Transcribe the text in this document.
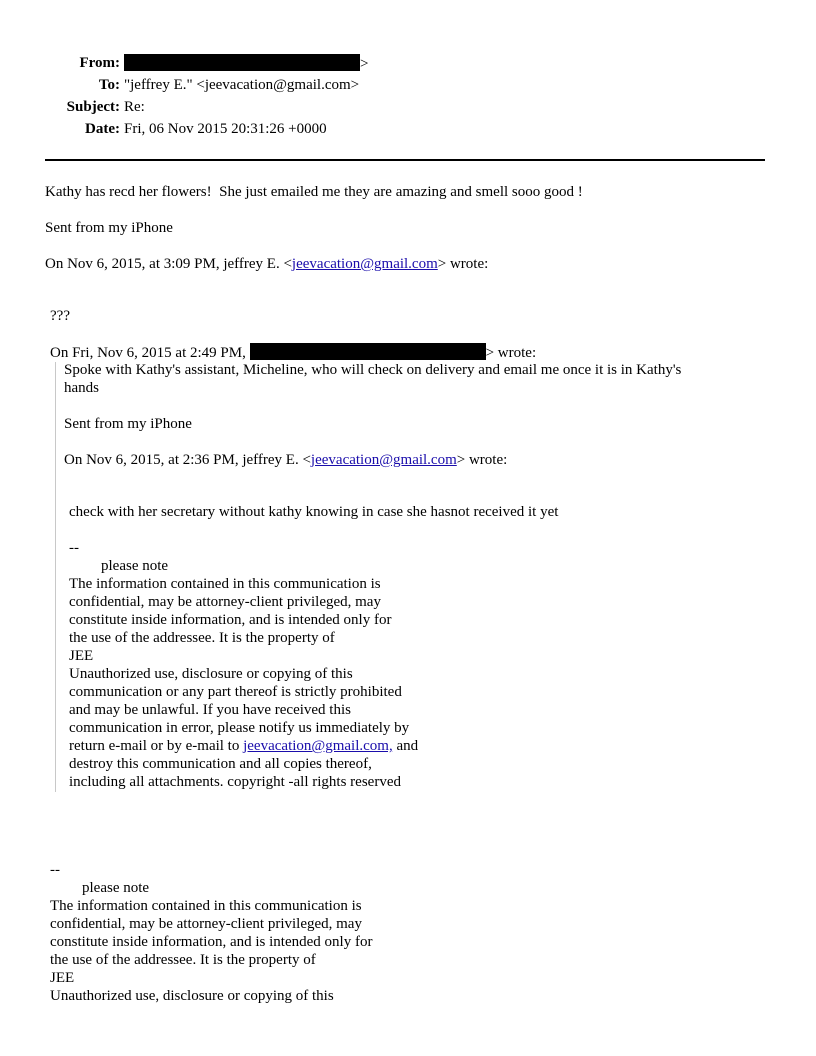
From:	>
To: "jeffrey E." <jeevacation@gmail.com>
Subject: Re:
Date: Fri, 06 Nov 2015 20:31:26 +0000
Kathy has recd her flowers!  She just emailed me they are amazing and smell sooo good !
Sent from my iPhone
On Nov 6, 2015, at 3:09 PM, jeffrey E. <jeevacation@gmail.com> wrote:
???
On Fri, Nov 6, 2015 at 2:49 PM,	> wrote:
Spoke with Kathy's assistant, Micheline, who will check on delivery and email me once it is in Kathy's
hands
Sent from my iPhone
On Nov 6, 2015, at 2:36 PM, jeffrey E. <jeevacation@gmail.com> wrote:
check with her secretary without kathy knowing in case she hasnot received it yet
--
please note
The information contained in this communication is
confidential, may be attorney-client privileged, may
constitute inside information, and is intended only for
the use of the addressee. It is the property of
JEE
Unauthorized use, disclosure or copying of this
communication or any part thereof is strictly prohibited
and may be unlawful. If you have received this
communication in error, please notify us immediately by
return e-mail or by e-mail to jeevacation@gmail.com, and
destroy this communication and all copies thereof,
including all attachments. copyright -all rights reserved
--
please note
The information contained in this communication is
confidential, may be attorney-client privileged, may
constitute inside information, and is intended only for
the use of the addressee. It is the property of
JEE
Unauthorized use, disclosure or copying of this
